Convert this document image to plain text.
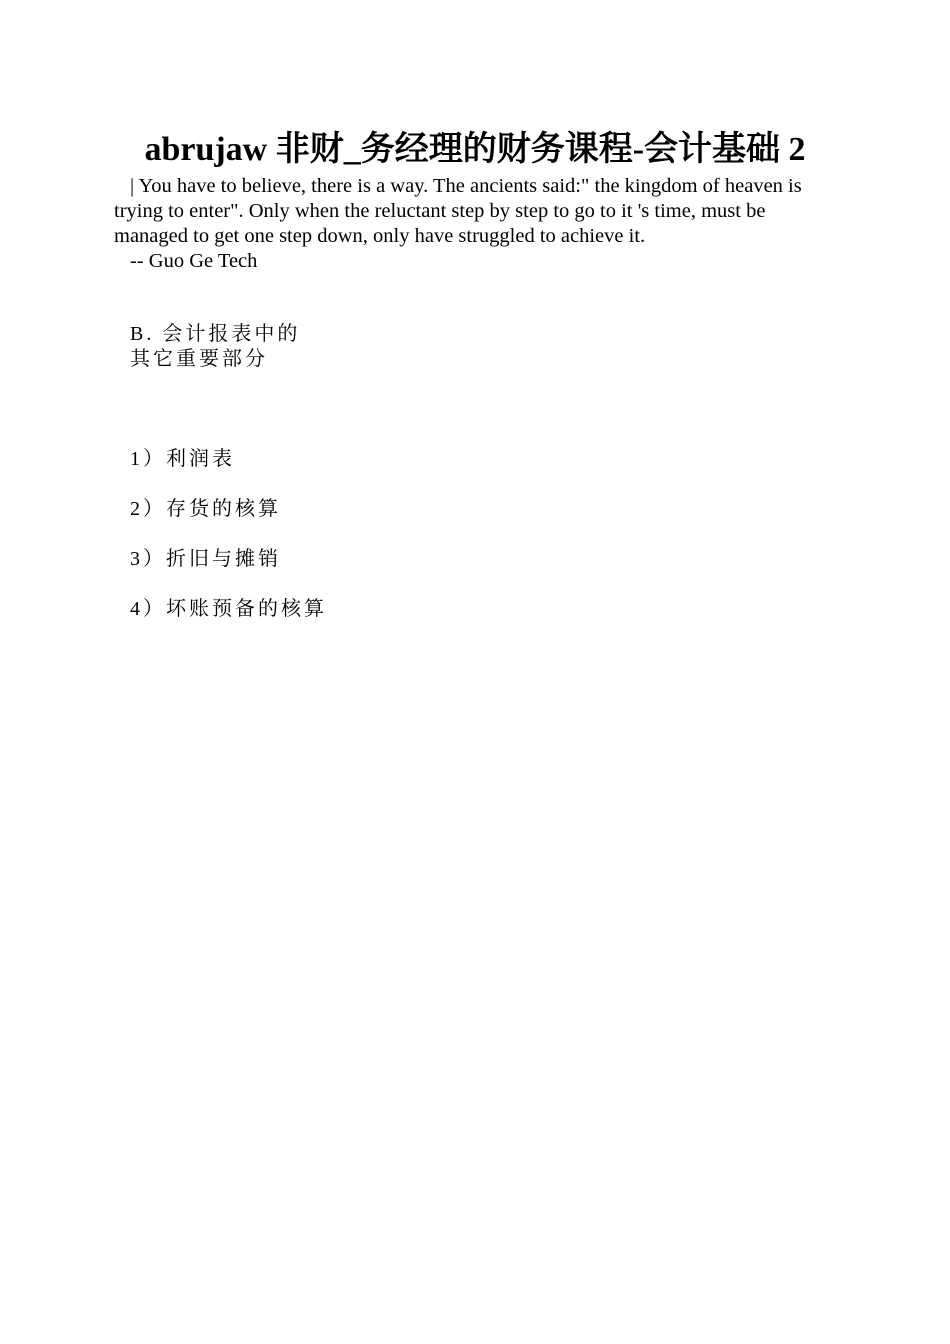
abrujaw 非财_务经理的财务课程-会计基础 2

| You have to believe, there is a way. The ancients said:" the kingdom of heaven is trying to enter". Only when the reluctant step by step to go to it 's time, must be managed to get one step down, only have struggled to achieve it.

-- Guo Ge Tech

B. 会计报表中的
其它重要部分

1）利润表
2）存货的核算
3）折旧与摊销
4）坏账预备的核算
